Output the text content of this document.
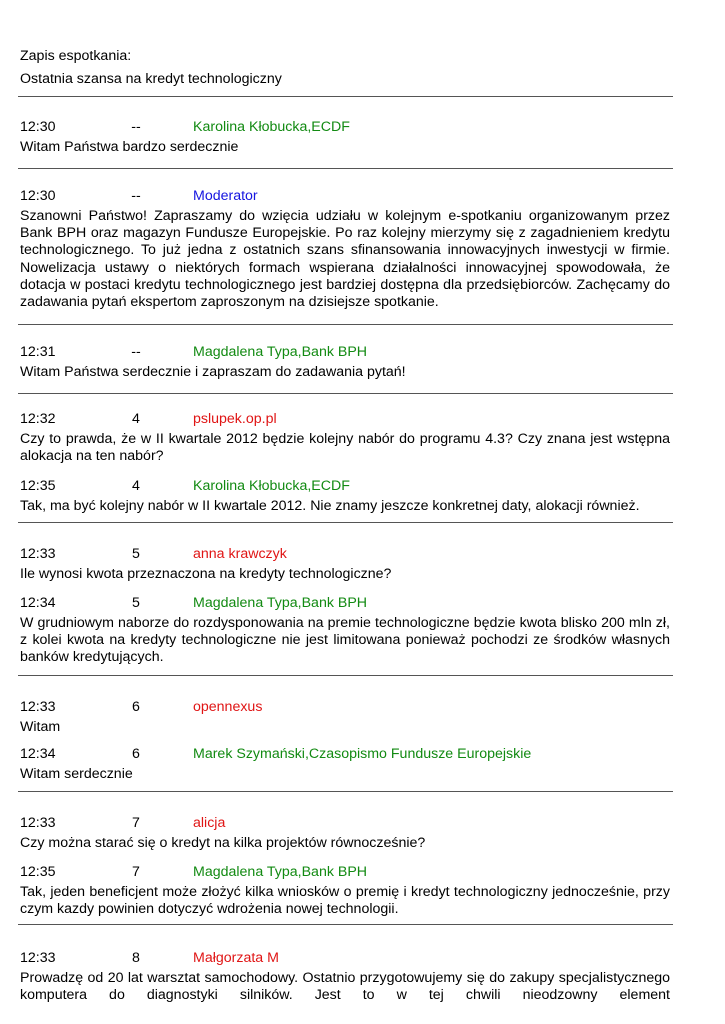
Zapis espotkania:
Ostatnia szansa na kredyt technologiczny
12:30	--	Karolina Kłobucka,ECDF
Witam Państwa bardzo serdecznie
12:30	--	Moderator
Szanowni Państwo! Zapraszamy do wzięcia udziału w kolejnym e-spotkaniu organizowanym przez Bank BPH oraz magazyn Fundusze Europejskie. Po raz kolejny mierzymy się z zagadnieniem kredytu technologicznego. To już jedna z ostatnich szans sfinansowania innowacyjnych inwestycji w firmie. Nowelizacja ustawy o niektórych formach wspierana działalności innowacyjnej spowodowała, że dotacja w postaci kredytu technologicznego jest bardziej dostępna dla przedsiębiorców. Zachęcamy do zadawania pytań ekspertom zaproszonym na dzisiejsze spotkanie.
12:31	--	Magdalena Typa,Bank BPH
Witam Państwa serdecznie i zapraszam do zadawania pytań!
12:32	4	pslupek.op.pl
Czy to prawda, że w II kwartale 2012 będzie kolejny nabór do programu 4.3? Czy znana jest wstępna alokacja na ten nabór?
12:35	4	Karolina Kłobucka,ECDF
Tak, ma być kolejny nabór w II kwartale 2012. Nie znamy jeszcze konkretnej daty, alokacji również.
12:33	5	anna krawczyk
Ile wynosi kwota przeznaczona na kredyty technologiczne?
12:34	5	Magdalena Typa,Bank BPH
W grudniowym naborze do rozdysponowania na premie technologiczne będzie kwota blisko 200 mln zł, z kolei kwota na kredyty technologiczne nie jest limitowana ponieważ pochodzi ze środków własnych banków kredytujących.
12:33	6	opennexus
Witam
12:34	6	Marek Szymański,Czasopismo Fundusze Europejskie
Witam serdecznie
12:33	7	alicja
Czy można starać się o kredyt na kilka projektów równocześnie?
12:35	7	Magdalena Typa,Bank BPH
Tak, jeden beneficjent może złożyć kilka wniosków o premię i kredyt technologiczny jednocześnie, przy czym kazdy powinien dotyczyć wdrożenia nowej technologii.
12:33	8	Małgorzata M
Prowadzę od 20 lat warsztat samochodowy. Ostatnio przygotowujemy się do zakupy specjalistycznego komputera do diagnostyki silników. Jest to w tej chwili nieodzowny element
